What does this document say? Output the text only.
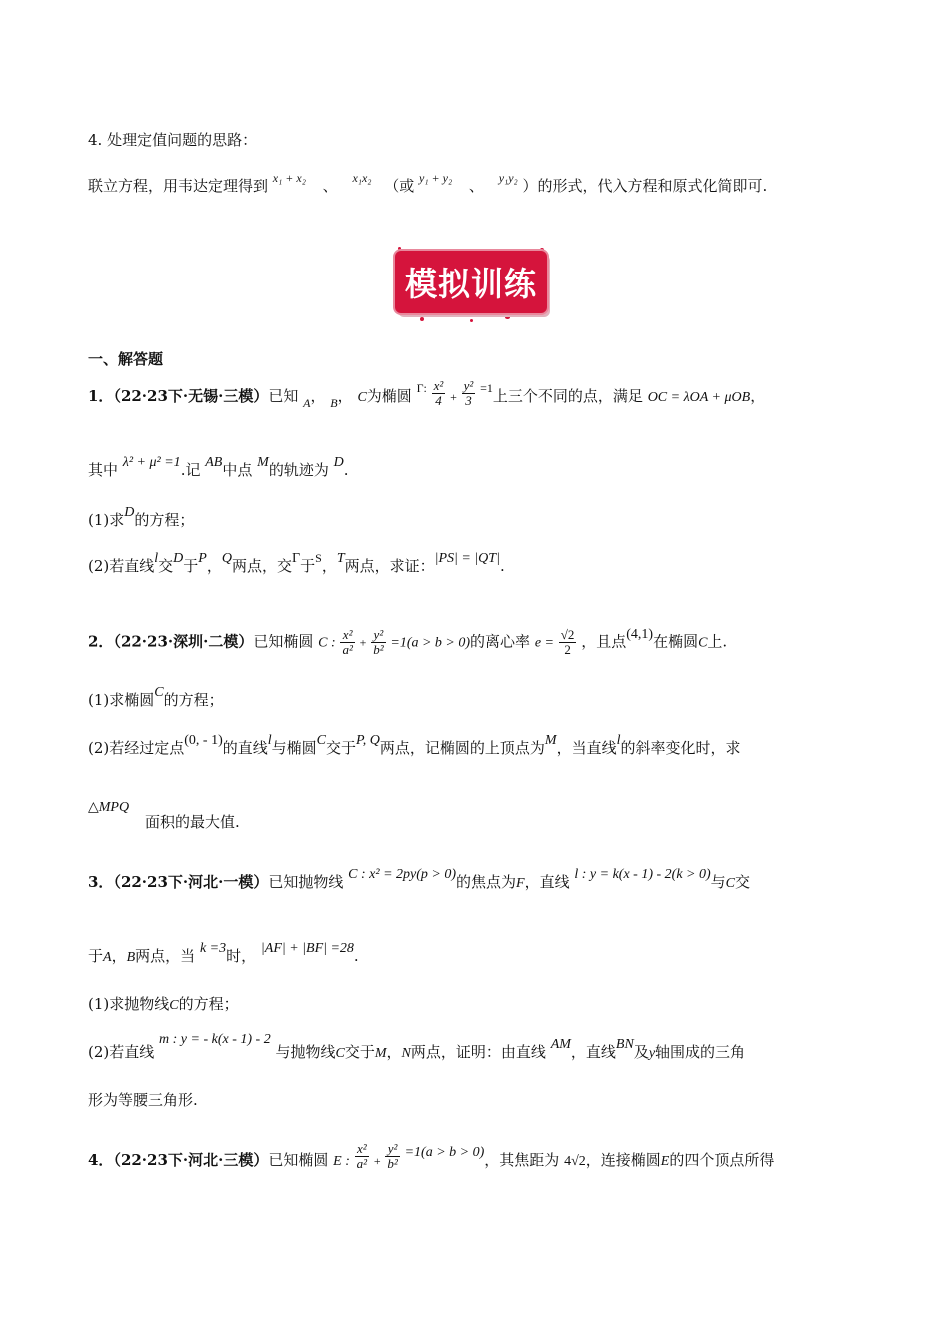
4. 处理定值问题的思路：
联立方程，用韦达定理得到 $^{x_1 + x_2}$ 、 $^{x_1x_2}$ （或 $^{y_1 + y_2}$ 、 $^{y_1y_2}$ ）的形式，代入方程和原式化简即可.
模拟训练
一、解答题
1．（22·23下·无锡·三模）已知 $_A$， $_B$， C为椭圆 $^{\Gamma:} \frac{\text{x²}}{4} + \frac{\text{y²}}{3} ^{=1}$上三个不同的点，满足 OC = λOA + μOB，
其中 λ² + μ² =1.记 AB中点 M的轨迹为 D.
(1)求D的方程；
(2)若直线l交D于P，Q两点，交Γ于$^S$，T两点，求证：|PS| = |QT|.
2．（22·23·深圳·二模）已知椭圆 C : $\frac{\text{x²}}{\text{a²}} + \frac{\text{y²}}{\text{b²}} =1(a > b > 0)$的离心率 $e = \frac{√2}{2}$ ，且点(4,1)在椭圆C上.
(1)求椭圆C的方程；
(2)若经过定点(0, - 1)的直线l与椭圆C交于P, Q两点，记椭圆的上顶点为M，当直线l的斜率变化时，求
△MPQ
面积的最大值.
3．（22·23下·河北·一模）已知抛物线 C : x² = 2py(p > 0)的焦点为F，直线 l : y = k(x - 1) - 2(k > 0)与C交
于A，B两点，当 k =3时， |AF| + |BF| =28.
(1)求抛物线C的方程；
(2)若直线 m : y = - k(x - 1) - 2 与抛物线C交于M，N两点，证明：由直线 AM，直线BN及y轴围成的三角
形为等腰三角形.
4．（22·23下·河北·三模）已知椭圆 E : $\frac{\text{x²}}{\text{a²}} + \frac{\text{y²}}{\text{b²}} =1(a > b > 0)$，其焦距为 4√2，连接椭圆E的四个顶点所得
